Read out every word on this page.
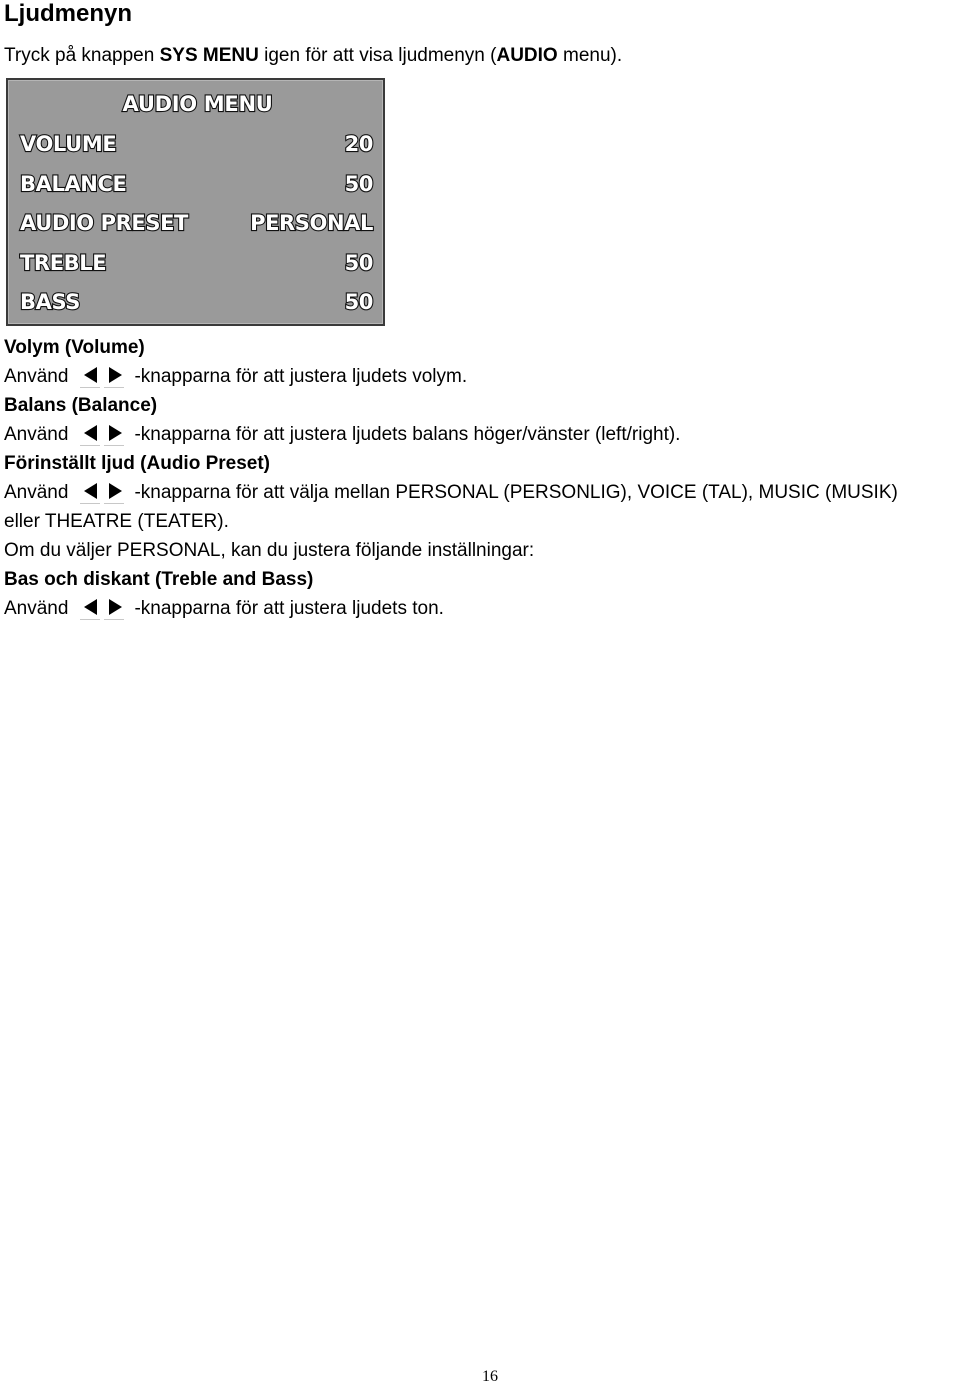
Ljudmenyn
Tryck på knappen SYS MENU igen för att visa ljudmenyn (AUDIO menu).
AUDIO MENU
VOLUME	20
BALANCE	50
AUDIO PRESET	PERSONAL
TREBLE	50
BASS	50
Volym (Volume)
Använd	-knapparna för att justera ljudets volym.
Balans (Balance)
Använd	-knapparna för att justera ljudets balans höger/vänster (left/right).
Förinställt ljud (Audio Preset)
Använd	-knapparna för att välja mellan PERSONAL (PERSONLIG), VOICE (TAL), MUSIC (MUSIK)
eller THEATRE (TEATER).
Om du väljer PERSONAL, kan du justera följande inställningar:
Bas och diskant (Treble and Bass)
Använd	-knapparna för att justera ljudets ton.
16
